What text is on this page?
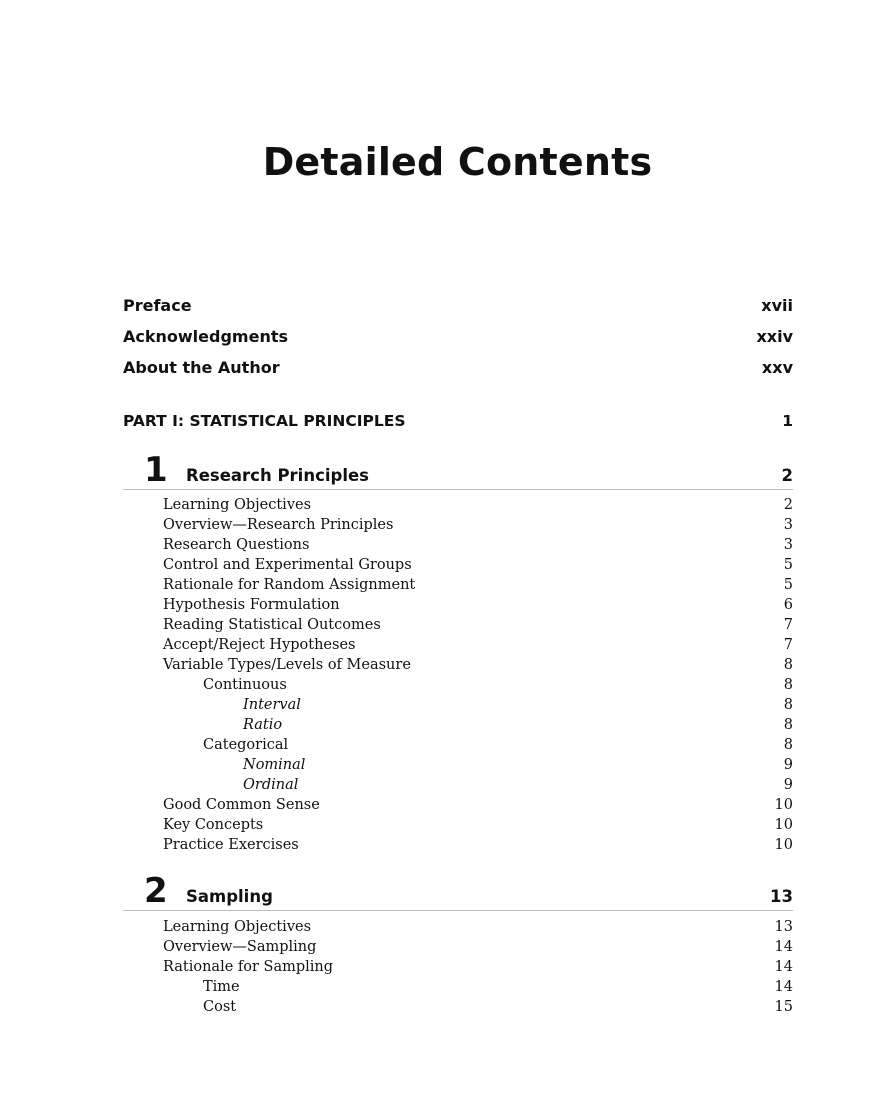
Detailed Contents
Preface	xvii
Acknowledgments	xxiv
About the Author	xxv
PART I: STATISTICAL PRINCIPLES	1
1 Research Principles	2
Learning Objectives	2
Overview—Research Principles	3
Research Questions	3
Control and Experimental Groups	5
Rationale for Random Assignment	5
Hypothesis Formulation	6
Reading Statistical Outcomes	7
Accept/Reject Hypotheses	7
Variable Types/Levels of Measure	8
Continuous	8
Interval	8
Ratio	8
Categorical	8
Nominal	9
Ordinal	9
Good Common Sense	10
Key Concepts	10
Practice Exercises	10
2 Sampling	13
Learning Objectives	13
Overview—Sampling	14
Rationale for Sampling	14
Time	14
Cost	15
